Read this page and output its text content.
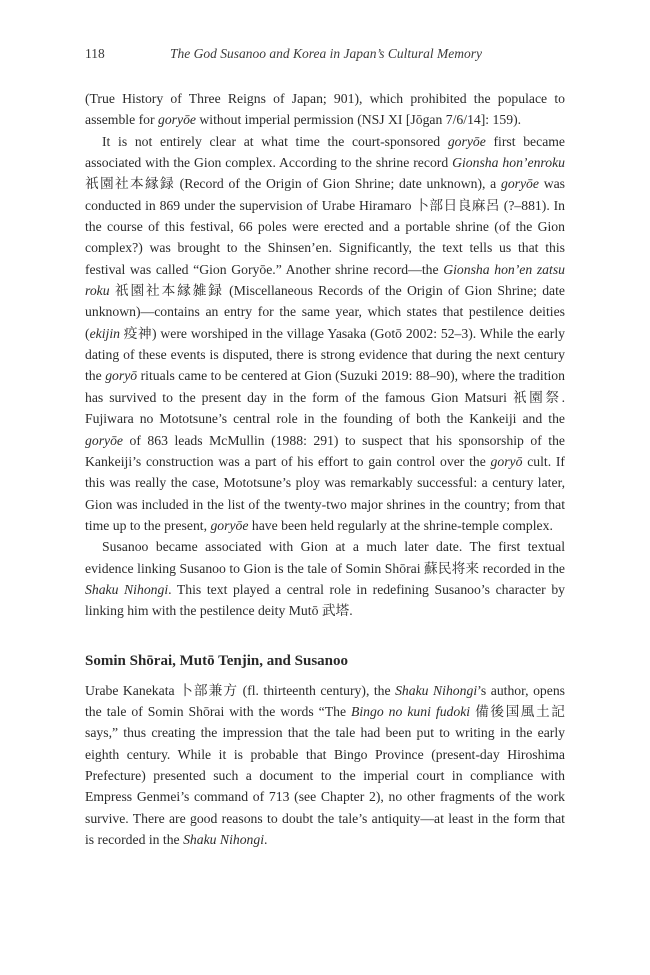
118	The God Susanoo and Korea in Japan’s Cultural Memory

(True History of Three Reigns of Japan; 901), which prohibited the populace to assemble for goryōe without imperial permission (NSJ XI [Jōgan 7/6/14]: 159).

It is not entirely clear at what time the court-sponsored goryōe first became associated with the Gion complex. According to the shrine record Gionsha hon’enroku 祇園社本縁録 (Record of the Origin of Gion Shrine; date unknown), a goryōe was conducted in 869 under the supervision of Urabe Hiramaro 卜部日良麻呂 (?–881). In the course of this festival, 66 poles were erected and a portable shrine (of the Gion complex?) was brought to the Shinsen’en. Significantly, the text tells us that this festival was called “Gion Goryōe.” Another shrine record—the Gionsha hon’en zatsu roku 祇園社本縁雑録 (Miscellaneous Records of the Origin of Gion Shrine; date unknown)—contains an entry for the same year, which states that pestilence deities (ekijin 疫神) were worshiped in the village Yasaka (Gotō 2002: 52–3). While the early dating of these events is disputed, there is strong evidence that during the next century the goryō rituals came to be centered at Gion (Suzuki 2019: 88–90), where the tradition has survived to the present day in the form of the famous Gion Matsuri 祇園祭. Fujiwara no Mototsune’s central role in the founding of both the Kankeiji and the goryōe of 863 leads McMullin (1988: 291) to suspect that his sponsorship of the Kankeiji’s construction was a part of his effort to gain control over the goryō cult. If this was really the case, Mototsune’s ploy was remarkably successful: a century later, Gion was included in the list of the twenty-two major shrines in the country; from that time up to the present, goryōe have been held regularly at the shrine-temple complex.

Susanoo became associated with Gion at a much later date. The first textual evidence linking Susanoo to Gion is the tale of Somin Shōrai 蘇民将来 recorded in the Shaku Nihongi. This text played a central role in redefining Susanoo’s character by linking him with the pestilence deity Mutō 武塔.

Somin Shōrai, Mutō Tenjin, and Susanoo

Urabe Kanekata 卜部兼方 (fl. thirteenth century), the Shaku Nihongi’s author, opens the tale of Somin Shōrai with the words “The Bingo no kuni fudoki 備後国風土記 says,” thus creating the impression that the tale had been put to writing in the early eighth century. While it is probable that Bingo Province (present-day Hiroshima Prefecture) presented such a document to the imperial court in compliance with Empress Genmei’s command of 713 (see Chapter 2), no other fragments of the work survive. There are good reasons to doubt the tale’s antiquity—at least in the form that is recorded in the Shaku Nihongi.
